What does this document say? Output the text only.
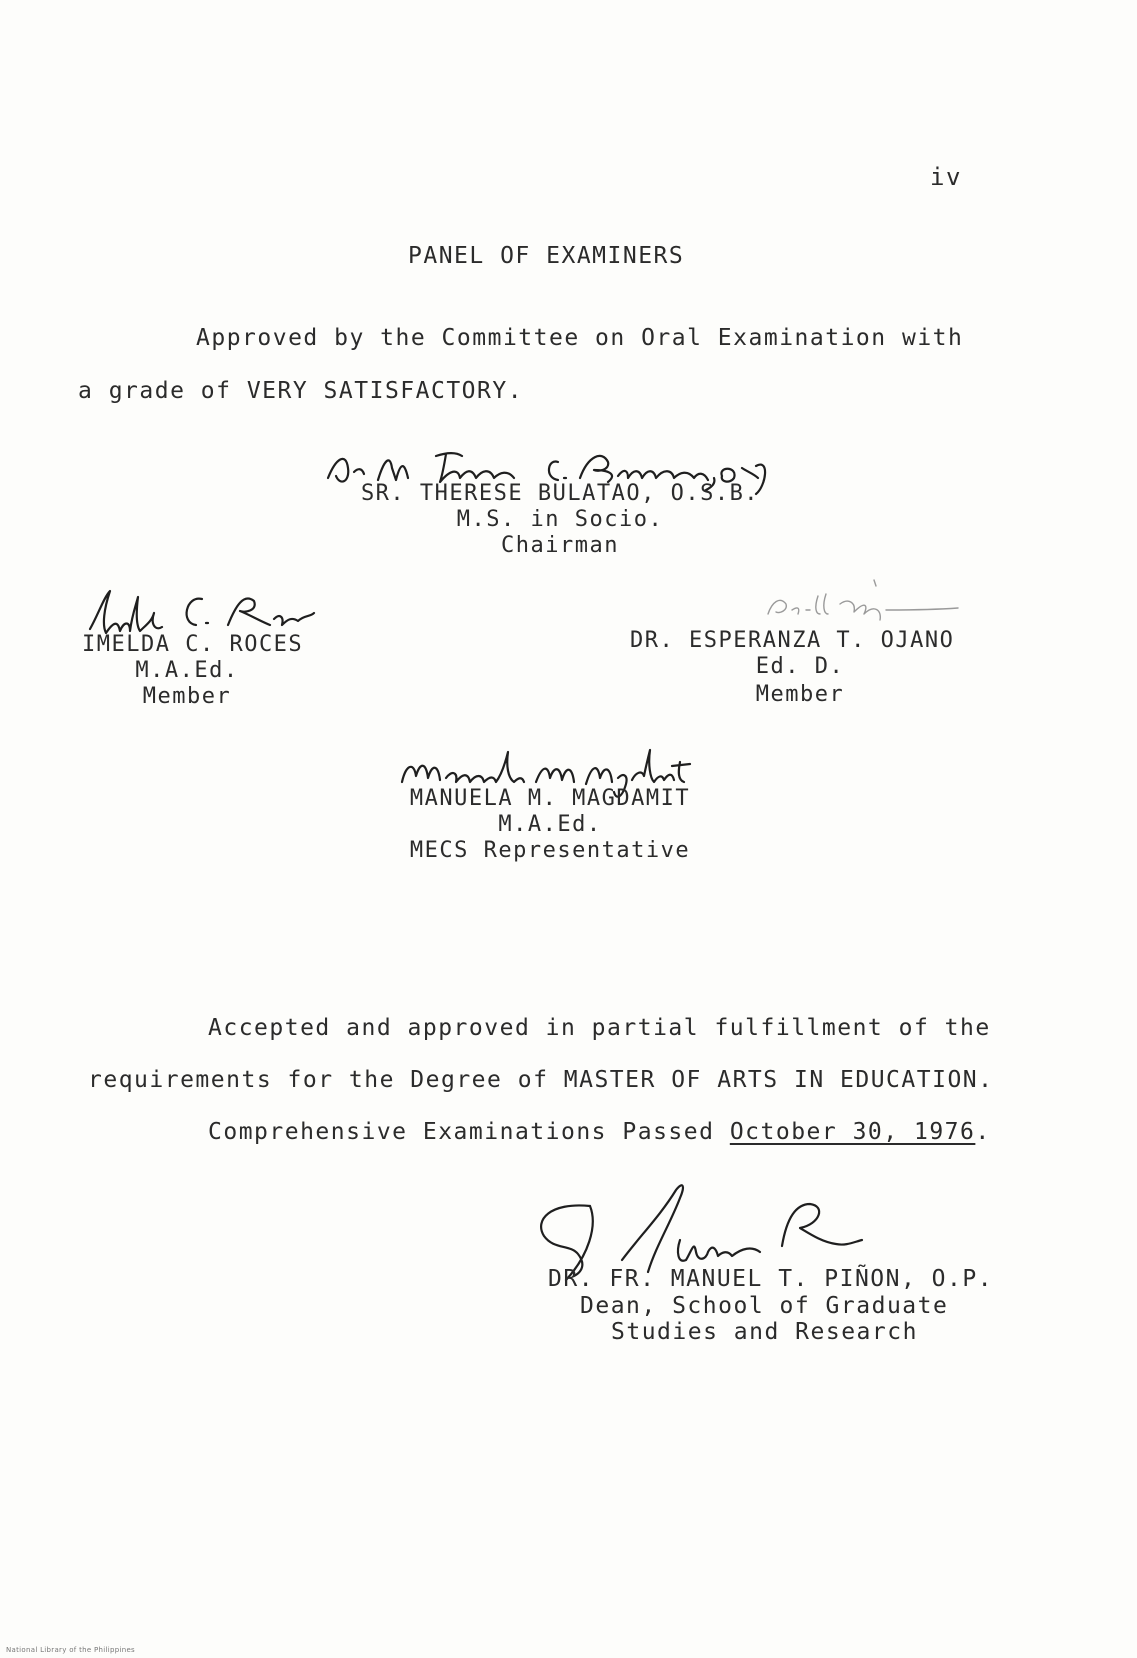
iv
PANEL OF EXAMINERS
Approved by the Committee on Oral Examination with
a grade of VERY SATISFACTORY.
SR. THERESE BULATAO, O.S.B.
M.S. in Socio.
Chairman
IMELDA C. ROCES
M.A.Ed.
Member
DR. ESPERANZA T. OJANO
Ed. D.
Member
MANUELA M. MAGDAMIT
M.A.Ed.
MECS Representative
Accepted and approved in partial fulfillment of the
requirements for the Degree of MASTER OF ARTS IN EDUCATION.
Comprehensive Examinations Passed October 30, 1976.
DR. FR. MANUEL T. PIÑON, O.P.
Dean, School of Graduate
Studies and Research
National Library of the Philippines
